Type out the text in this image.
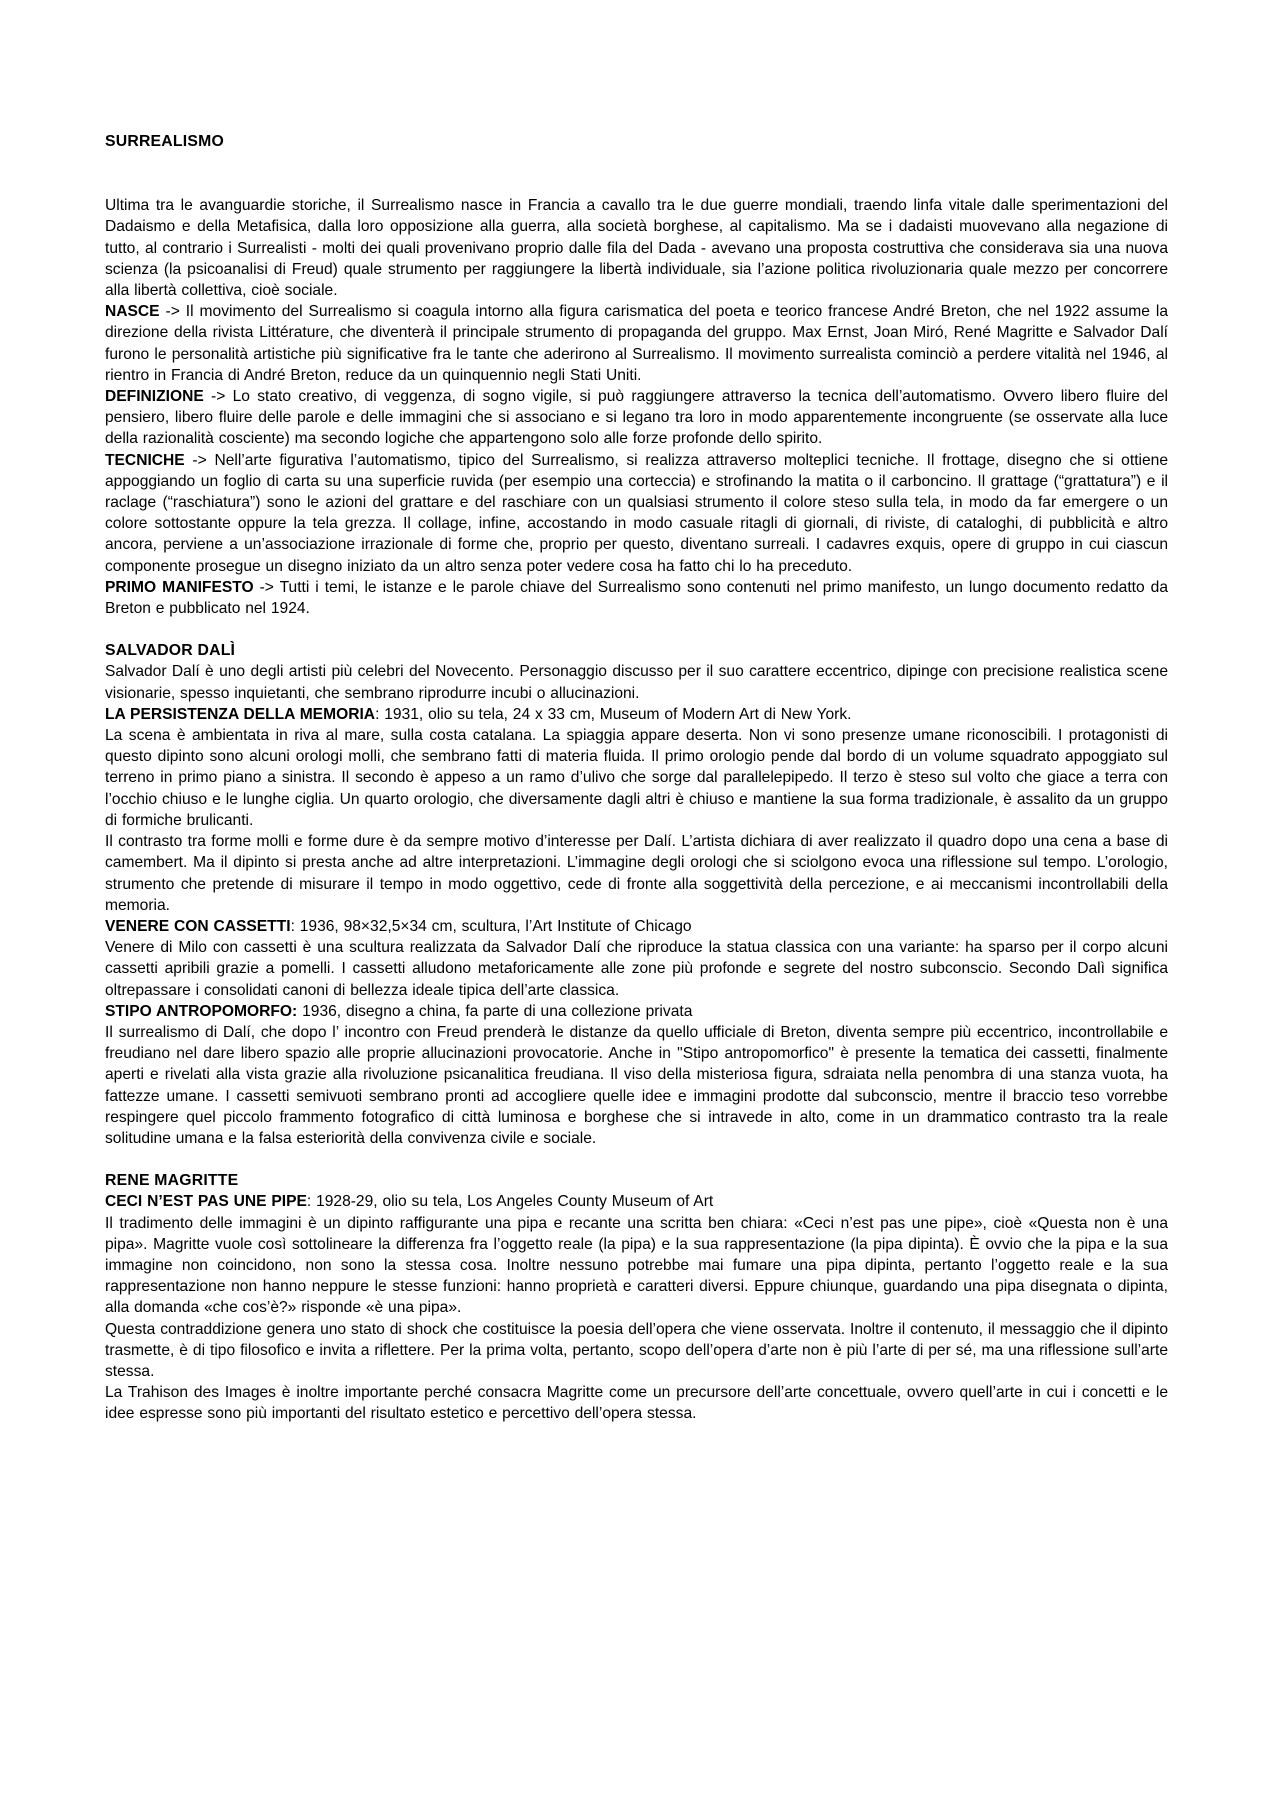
SURREALISMO

Ultima tra le avanguardie storiche, il Surrealismo nasce in Francia a cavallo tra le due guerre mondiali, traendo linfa vitale dalle sperimentazioni del Dadaismo e della Metafisica, dalla loro opposizione alla guerra, alla società borghese, al capitalismo. Ma se i dadaisti muovevano alla negazione di tutto, al contrario i Surrealisti - molti dei quali provenivano proprio dalle fila del Dada - avevano una proposta costruttiva che considerava sia una nuova scienza (la psicoanalisi di Freud) quale strumento per raggiungere la libertà individuale, sia l’azione politica rivoluzionaria quale mezzo per concorrere alla libertà collettiva, cioè sociale.

NASCE -> Il movimento del Surrealismo si coagula intorno alla figura carismatica del poeta e teorico francese André Breton, che nel 1922 assume la direzione della rivista Littérature, che diventerà il principale strumento di propaganda del gruppo. Max Ernst, Joan Miró, René Magritte e Salvador Dalí furono le personalità artistiche più significative fra le tante che aderirono al Surrealismo. Il movimento surrealista cominciò a perdere vitalità nel 1946, al rientro in Francia di André Breton, reduce da un quinquennio negli Stati Uniti.

DEFINIZIONE -> Lo stato creativo, di veggenza, di sogno vigile, si può raggiungere attraverso la tecnica dell’automatismo. Ovvero libero fluire del pensiero, libero fluire delle parole e delle immagini che si associano e si legano tra loro in modo apparentemente incongruente (se osservate alla luce della razionalità cosciente) ma secondo logiche che appartengono solo alle forze profonde dello spirito.

TECNICHE -> Nell’arte figurativa l’automatismo, tipico del Surrealismo, si realizza attraverso molteplici tecniche. Il frottage, disegno che si ottiene appoggiando un foglio di carta su una superficie ruvida (per esempio una corteccia) e strofinando la matita o il carboncino. Il grattage (“grattatura”) e il raclage (“raschiatura”) sono le azioni del grattare e del raschiare con un qualsiasi strumento il colore steso sulla tela, in modo da far emergere o un colore sottostante oppure la tela grezza. Il collage, infine, accostando in modo casuale ritagli di giornali, di riviste, di cataloghi, di pubblicità e altro ancora, perviene a un’associazione irrazionale di forme che, proprio per questo, diventano surreali. I cadavres exquis, opere di gruppo in cui ciascun componente prosegue un disegno iniziato da un altro senza poter vedere cosa ha fatto chi lo ha preceduto.

PRIMO MANIFESTO -> Tutti i temi, le istanze e le parole chiave del Surrealismo sono contenuti nel primo manifesto, un lungo documento redatto da Breton e pubblicato nel 1924.

SALVADOR DALÌ

Salvador Dalí è uno degli artisti più celebri del Novecento. Personaggio discusso per il suo carattere eccentrico, dipinge con precisione realistica scene visionarie, spesso inquietanti, che sembrano riprodurre incubi o allucinazioni.

LA PERSISTENZA DELLA MEMORIA: 1931, olio su tela, 24 x 33 cm, Museum of Modern Art di New York.

La scena è ambientata in riva al mare, sulla costa catalana. La spiaggia appare deserta. Non vi sono presenze umane riconoscibili. I protagonisti di questo dipinto sono alcuni orologi molli, che sembrano fatti di materia fluida. Il primo orologio pende dal bordo di un volume squadrato appoggiato sul terreno in primo piano a sinistra. Il secondo è appeso a un ramo d’ulivo che sorge dal parallelepipedo. Il terzo è steso sul volto che giace a terra con l’occhio chiuso e le lunghe ciglia. Un quarto orologio, che diversamente dagli altri è chiuso e mantiene la sua forma tradizionale, è assalito da un gruppo di formiche brulicanti.

Il contrasto tra forme molli e forme dure è da sempre motivo d’interesse per Dalí. L’artista dichiara di aver realizzato il quadro dopo una cena a base di camembert. Ma il dipinto si presta anche ad altre interpretazioni. L’immagine degli orologi che si sciolgono evoca una riflessione sul tempo. L’orologio, strumento che pretende di misurare il tempo in modo oggettivo, cede di fronte alla soggettività della percezione, e ai meccanismi incontrollabili della memoria.

VENERE CON CASSETTI: 1936, 98×32,5×34 cm, scultura, l’Art Institute of Chicago

Venere di Milo con cassetti è una scultura realizzata da Salvador Dalí che riproduce la statua classica con una variante: ha sparso per il corpo alcuni cassetti apribili grazie a pomelli. I cassetti alludono metaforicamente alle zone più profonde e segrete del nostro subconscio. Secondo Dalì significa oltrepassare i consolidati canoni di bellezza ideale tipica dell’arte classica.

STIPO ANTROPOMORFO: 1936, disegno a china, fa parte di una collezione privata

Il surrealismo di Dalí, che dopo l’ incontro con Freud prenderà le distanze da quello ufficiale di Breton, diventa sempre più eccentrico, incontrollabile e freudiano nel dare libero spazio alle proprie allucinazioni provocatorie. Anche in "Stipo antropomorfico" è presente la tematica dei cassetti, finalmente aperti e rivelati alla vista grazie alla rivoluzione psicanalitica freudiana. Il viso della misteriosa figura, sdraiata nella penombra di una stanza vuota, ha fattezze umane. I cassetti semivuoti sembrano pronti ad accogliere quelle idee e immagini prodotte dal subconscio, mentre il braccio teso vorrebbe respingere quel piccolo frammento fotografico di città luminosa e borghese che si intravede in alto, come in un drammatico contrasto tra la reale solitudine umana e la falsa esteriorità della convivenza civile e sociale.

RENE MAGRITTE

CECI N’EST PAS UNE PIPE: 1928-29, olio su tela, Los Angeles County Museum of Art

Il tradimento delle immagini è un dipinto raffigurante una pipa e recante una scritta ben chiara: «Ceci n’est pas une pipe», cioè «Questa non è una pipa». Magritte vuole così sottolineare la differenza fra l’oggetto reale (la pipa) e la sua rappresentazione (la pipa dipinta). È ovvio che la pipa e la sua immagine non coincidono, non sono la stessa cosa. Inoltre nessuno potrebbe mai fumare una pipa dipinta, pertanto l’oggetto reale e la sua rappresentazione non hanno neppure le stesse funzioni: hanno proprietà e caratteri diversi. Eppure chiunque, guardando una pipa disegnata o dipinta, alla domanda «che cos’è?» risponde «è una pipa».

Questa contraddizione genera uno stato di shock che costituisce la poesia dell’opera che viene osservata. Inoltre il contenuto, il messaggio che il dipinto trasmette, è di tipo filosofico e invita a riflettere. Per la prima volta, pertanto, scopo dell’opera d’arte non è più l’arte di per sé, ma una riflessione sull’arte stessa.

La Trahison des Images è inoltre importante perché consacra Magritte come un precursore dell’arte concettuale, ovvero quell’arte in cui i concetti e le idee espresse sono più importanti del risultato estetico e percettivo dell’opera stessa.
